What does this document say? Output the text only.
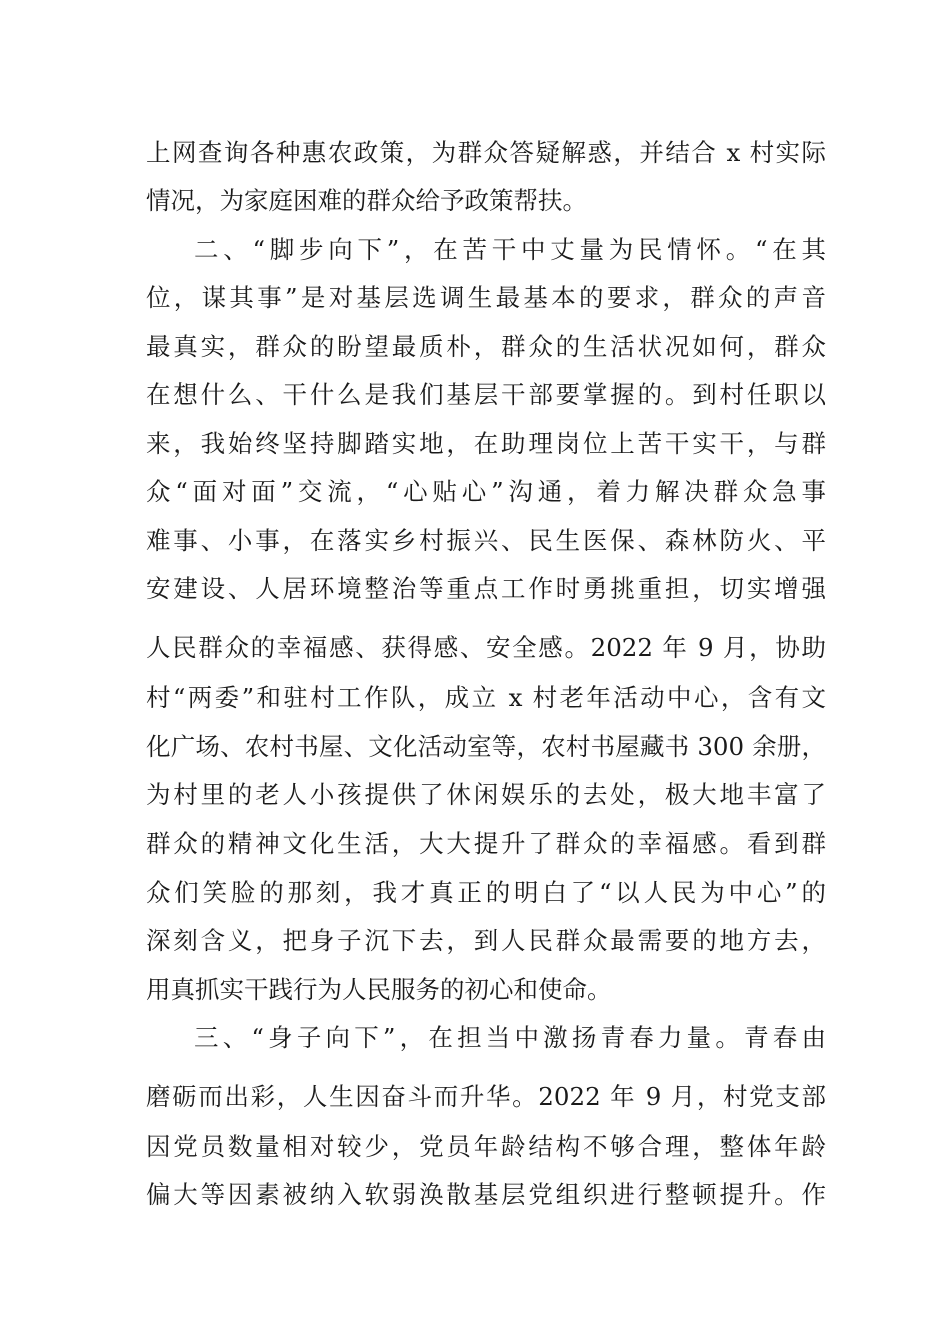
上网查询各种惠农政策，为群众答疑解惑，并结合 x 村实际
情况，为家庭困难的群众给予政策帮扶。
二、“脚步向下”，在苦干中丈量为民情怀。“在其
位，谋其事”是对基层选调生最基本的要求，群众的声音
最真实，群众的盼望最质朴，群众的生活状况如何，群众
在想什么、干什么是我们基层干部要掌握的。到村任职以
来，我始终坚持脚踏实地，在助理岗位上苦干实干，与群
众“面对面”交流，“心贴心”沟通，着力解决群众急事
难事、小事，在落实乡村振兴、民生医保、森林防火、平
安建设、人居环境整治等重点工作时勇挑重担，切实增强
人民群众的幸福感、获得感、安全感。2022 年 9 月，协助
村“两委”和驻村工作队，成立 x 村老年活动中心，含有文
化广场、农村书屋、文化活动室等，农村书屋藏书 300 余册，
为村里的老人小孩提供了休闲娱乐的去处，极大地丰富了
群众的精神文化生活，大大提升了群众的幸福感。看到群
众们笑脸的那刻，我才真正的明白了“以人民为中心”的
深刻含义，把身子沉下去，到人民群众最需要的地方去，
用真抓实干践行为人民服务的初心和使命。
三、“身子向下”，在担当中激扬青春力量。青春由
磨砺而出彩，人生因奋斗而升华。2022 年 9 月，村党支部
因党员数量相对较少，党员年龄结构不够合理，整体年龄
偏大等因素被纳入软弱涣散基层党组织进行整顿提升。作
